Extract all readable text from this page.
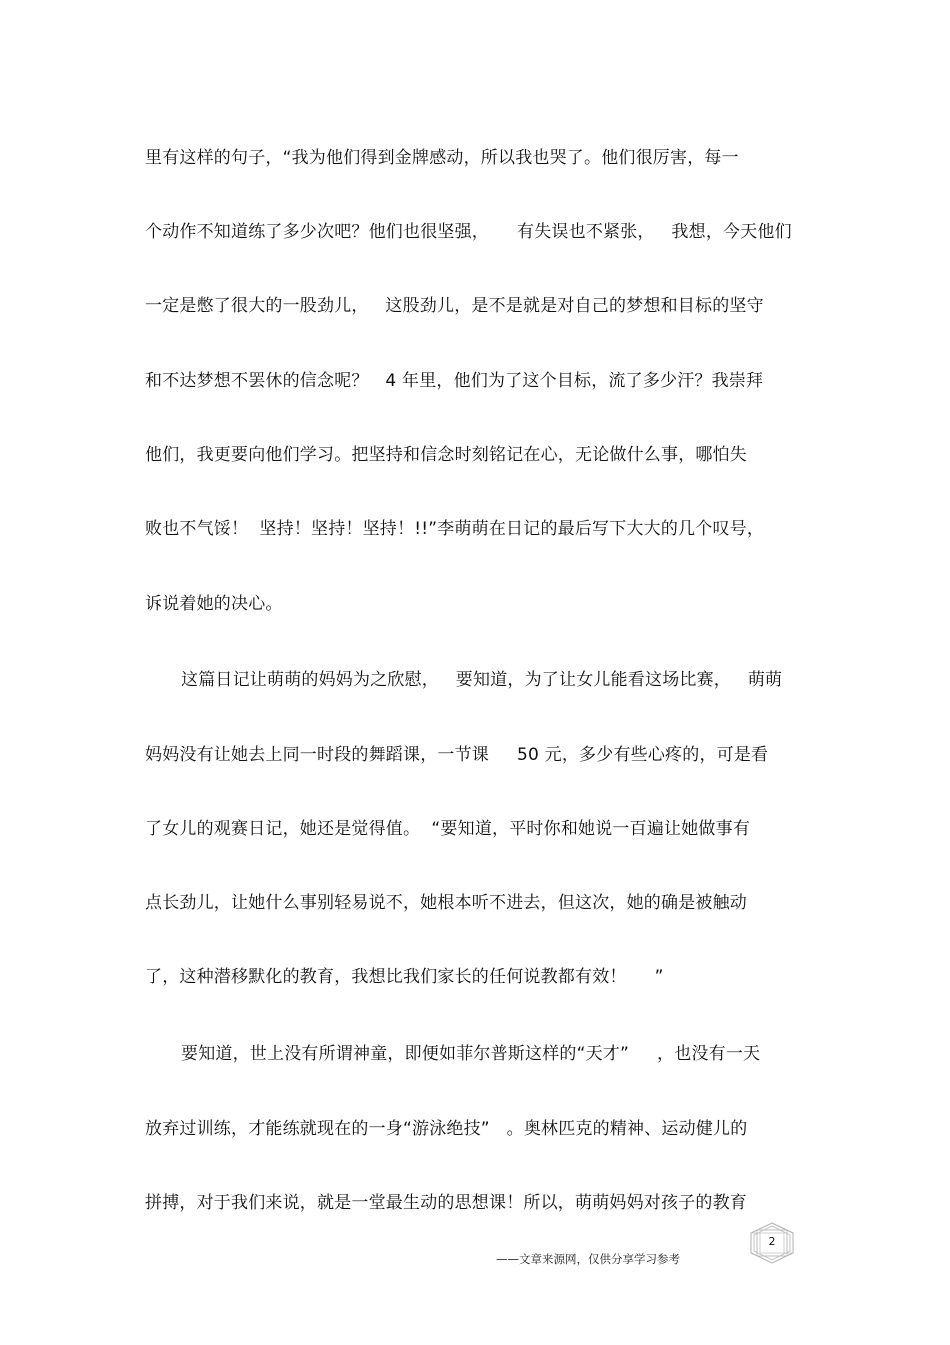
里有这样的句子，“我为他们得到金牌感动，所以我也哭了。他们很厉害，每一
个动作不知道练了多少次吧？他们也很坚强，     有失误也不紧张，   我想，今天他们
一定是憋了很大的一股劲儿，   这股劲儿，是不是就是对自己的梦想和目标的坚守
和不达梦想不罢休的信念呢？   4 年里，他们为了这个目标，流了多少汗？我崇拜
他们，我更要向他们学习。把坚持和信念时刻铭记在心，无论做什么事，哪怕失
败也不气馁！  坚持！坚持！坚持！!!”李萌萌在日记的最后写下大大的几个叹号，
诉说着她的决心。
这篇日记让萌萌的妈妈为之欣慰，   要知道，为了让女儿能看这场比赛，   萌萌
妈妈没有让她去上同一时段的舞蹈课，一节课     50 元，多少有些心疼的，可是看
了女儿的观赛日记，她还是觉得值。  “要知道，平时你和她说一百遍让她做事有
点长劲儿，让她什么事别轻易说不，她根本听不进去，但这次，她的确是被触动
了，这种潜移默化的教育，我想比我们家长的任何说教都有效！     ”
要知道，世上没有所谓神童，即便如菲尔普斯这样的“天才”     ，也没有一天
放弃过训练，才能练就现在的一身“游泳绝技”   。奥林匹克的精神、运动健儿的
拼搏，对于我们来说，就是一堂最生动的思想课！所以，萌萌妈妈对孩子的教育
——文章来源网，仅供分享学习参考
2
